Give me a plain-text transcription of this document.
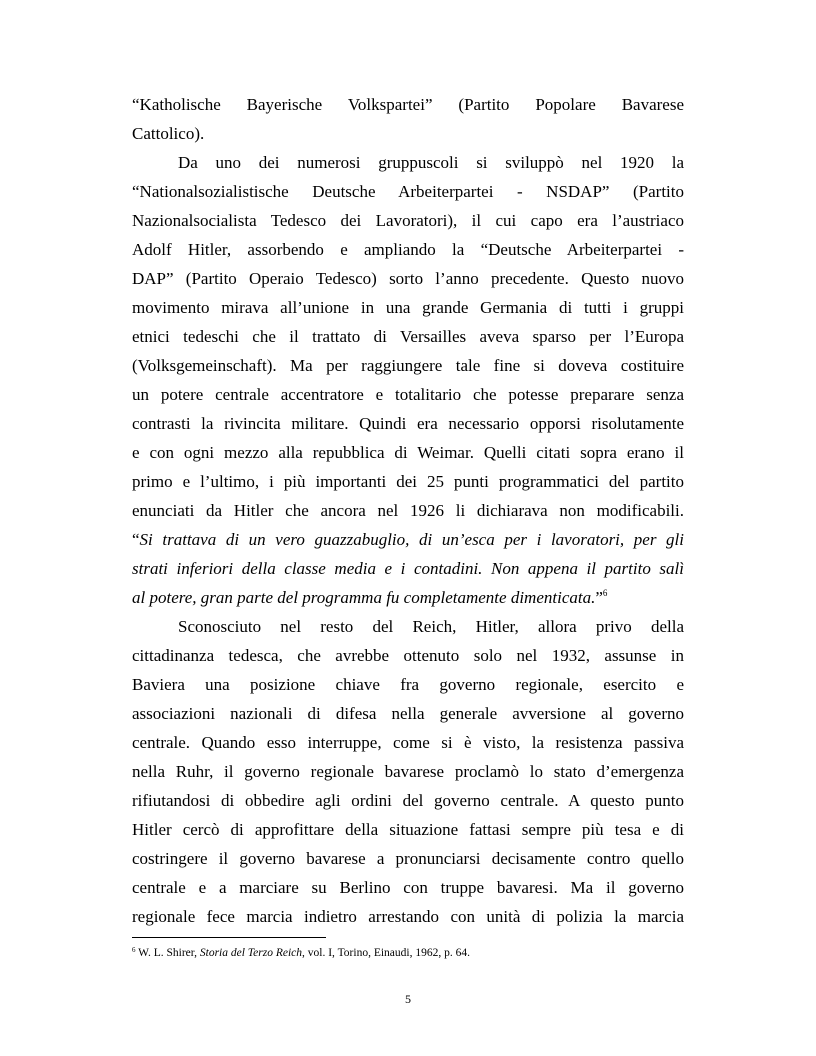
“Katholische Bayerische Volkspartei” (Partito Popolare Bavarese
Cattolico).
Da uno dei numerosi gruppuscoli si sviluppò nel 1920 la
“Nationalsozialistische Deutsche Arbeiterpartei - NSDAP” (Partito
Nazionalsocialista Tedesco dei Lavoratori), il cui capo era l’austriaco
Adolf Hitler, assorbendo e ampliando la “Deutsche Arbeiterpartei -
DAP” (Partito Operaio Tedesco) sorto l’anno precedente. Questo nuovo
movimento mirava all’unione in una grande Germania di tutti i gruppi
etnici tedeschi che il trattato di Versailles aveva sparso per l’Europa
(Volksgemeinschaft). Ma per raggiungere tale fine si doveva costituire
un potere centrale accentratore e totalitario che potesse preparare senza
contrasti la rivincita militare. Quindi era necessario opporsi risolutamente
e con ogni mezzo alla repubblica di Weimar. Quelli citati sopra erano il
primo e l’ultimo, i più importanti dei 25 punti programmatici del partito
enunciati da Hitler che ancora nel 1926 li dichiarava non modificabili.
“Si trattava di un vero guazzabuglio, di un’esca per i lavoratori, per gli
strati inferiori della classe media e i contadini. Non appena il partito salì
al potere, gran parte del programma fu completamente dimenticata.”$^6$
Sconosciuto nel resto del Reich, Hitler, allora privo della
cittadinanza tedesca, che avrebbe ottenuto solo nel 1932, assunse in
Baviera una posizione chiave fra governo regionale, esercito e
associazioni nazionali di difesa nella generale avversione al governo
centrale. Quando esso interruppe, come si è visto, la resistenza passiva
nella Ruhr, il governo regionale bavarese proclamò lo stato d’emergenza
rifiutandosi di obbedire agli ordini del governo centrale. A questo punto
Hitler cercò di approfittare della situazione fattasi sempre più tesa e di
costringere il governo bavarese a pronunciarsi decisamente contro quello
centrale e a marciare su Berlino con truppe bavaresi. Ma il governo
regionale fece marcia indietro arrestando con unità di polizia la marcia
$^6$ W. L. Shirer, Storia del Terzo Reich, vol. I, Torino, Einaudi, 1962, p. 64.
5
